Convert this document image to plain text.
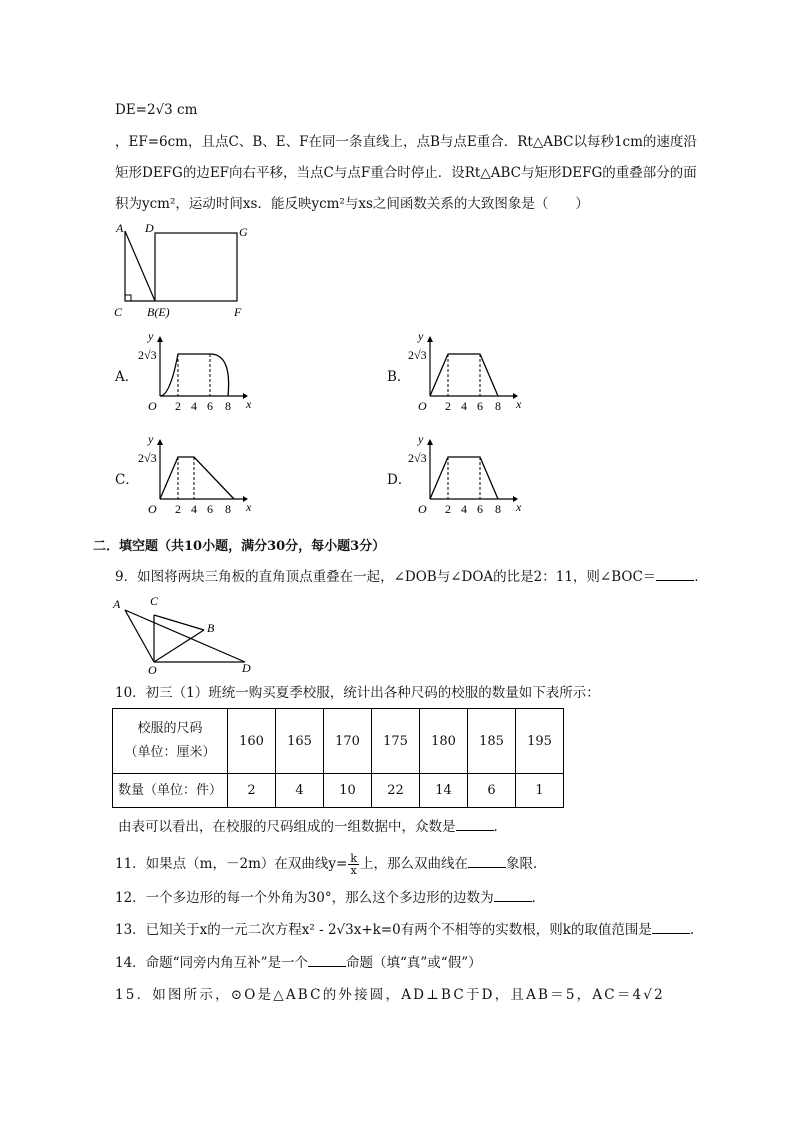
DE=2√3 cm
，EF=6cm，且点C、B、E、F在同一条直线上，点B与点E重合．Rt△ABC以每秒1cm的速度沿
矩形DEFG的边EF向右平移，当点C与点F重合时停止．设Rt△ABC与矩形DEFG的重叠部分的面
积为ycm²，运动时间xs．能反映ycm²与xs之间函数关系的大致图象是（　　）
A D	G
C B(E)	F
A．
y
x
O
2√3
2 4 6 8
B．
y
x
O
2√3
2 4 6 8
C．
y
x
O
2√3
2 4 6 8
D．
y
x
O
2√3
2 4 6 8
二．填空题（共10小题，满分30分，每小题3分）
9．如图将两块三角板的直角顶点重叠在一起，∠DOB与∠DOA的比是2：11，则∠BOC＝	．
A C
B
O	D
10．初三（1）班统一购买夏季校服，统计出各种尺码的校服的数量如下表所示：
校服的尺码
（单位：厘米）	160	165	170	175	180	185	195
数量（单位：件）	2	4	10	22	14	6	1
由表可以看出，在校服的尺码组成的一组数据中，众数是	．
11．如果点（m，－2m）在双曲线$y= \frac{k}{x}$ 上，那么双曲线在	象限．
12．一个多边形的每一个外角为30°，那么这个多边形的边数为	．
13．已知关于x的一元二次方程x² - 2√3x+k=0有两个不相等的实数根，则k的取值范围是	．
14．命题“同旁内角互补”是一个	命题（填“真”或“假”）
15．如图所示，⊙O是△ABC的外接圆，AD⊥BC于D，且AB＝5，AC＝4√2
